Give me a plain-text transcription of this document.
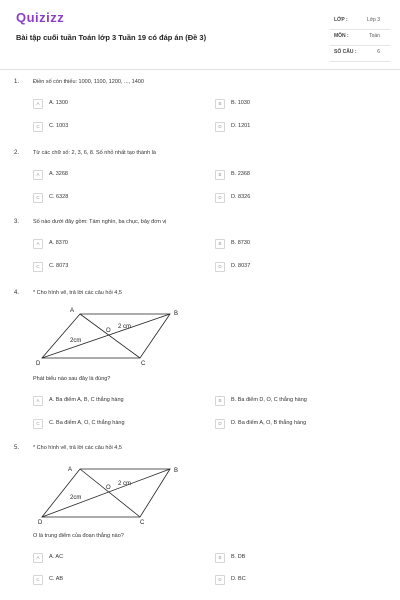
Quizizz
Bài tập cuối tuần Toán lớp 3 Tuần 19 có đáp án (Đề 3)
LỚP :	Lớp 3
MÔN :	Toán
SỐ CÂU :	6
1.	Điền số còn thiếu: 1000, 1100, 1200, ..., 1400
A	A. 1300	B	B. 1030
C	C. 1003	D	D. 1201
2.	Từ các chữ số: 2, 3, 6, 8. Số nhỏ nhất tạo thành là
A	A. 3268	B	B. 2368
C	C. 6328	D	D. 8326
3.	Số nào dưới đây gồm: Tám nghìn, ba chục, bảy đơn vị
A	A. 8370	B	B. 8730
C	C. 8073	D	D. 8037
4.	* Cho hình vẽ, trả lời các câu hỏi 4,5
A	B
C
D
O
2 cm
2cm
Phát biểu nào sau đây là đúng?
A	A. Ba điểm A, B, C thẳng hàng	B	B. Ba điểm D, O, C thẳng hàng
C	C. Ba điểm A, O, C thẳng hàng	D	D. Ba điểm A, O, B thẳng hàng
5.	* Cho hình vẽ, trả lời các câu hỏi 4,5
A	B
C
D
O
2 cm
2cm
O là trung điểm của đoạn thẳng nào?
A	A. AC	B	B. DB
C	C. AB	D	D. BC
